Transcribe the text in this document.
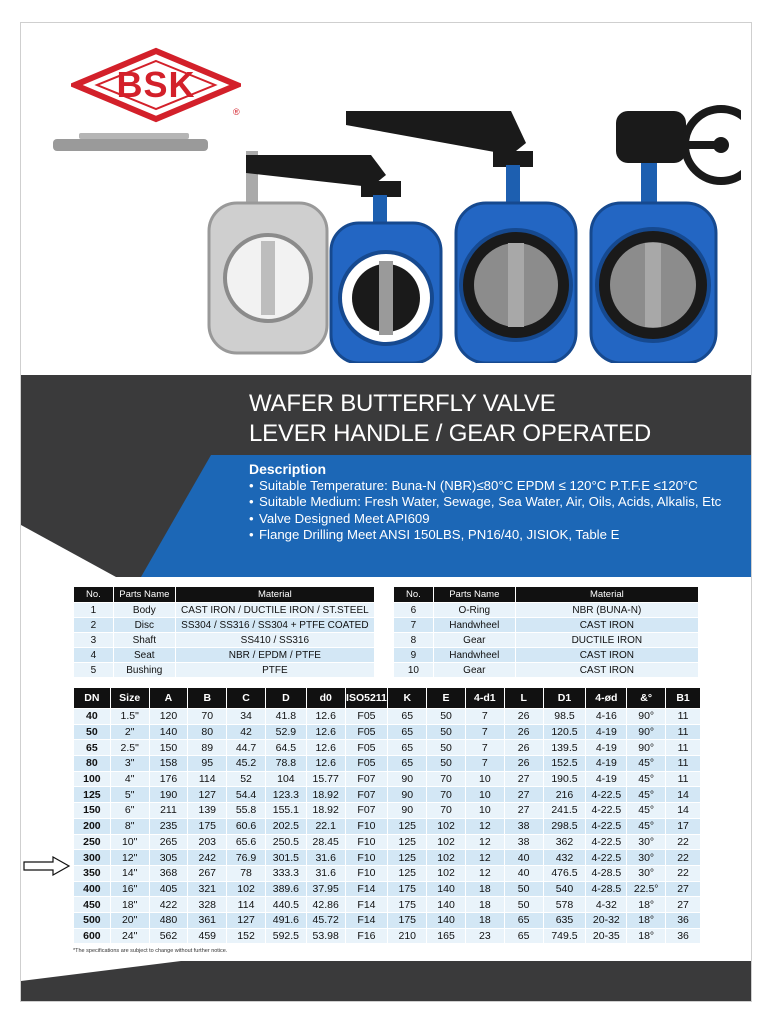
BSK
®
WAFER BUTTERFLY VALVE
LEVER HANDLE / GEAR OPERATED
Description
• Suitable Temperature: Buna-N (NBR)≤80°C EPDM ≤ 120°C P.T.F.E ≤120°C
• Suitable Medium: Fresh Water, Sewage, Sea Water, Air, Oils, Acids, Alkalis, Etc
• Valve Designed Meet API609
• Flange Drilling Meet ANSI 150LBS, PN16/40, JISIOK, Table E
No.	Parts Name	Material
1	Body	CAST IRON / DUCTILE IRON / ST.STEEL
2	Disc	SS304 / SS316 / SS304 + PTFE COATED
3	Shaft	SS410 / SS316
4	Seat	NBR / EPDM / PTFE
5	Bushing	PTFE
No.	Parts Name	Material
6	O-Ring	NBR (BUNA-N)
7	Handwheel	CAST IRON
8	Gear	DUCTILE IRON
9	Handwheel	CAST IRON
10	Gear	CAST IRON
DN	Size	A	B	C	D	d0	ISO5211	K	E	4-d1	L	D1	4-ød	&°	B1
40	1.5"	120	70	34	41.8	12.6	F05	65	50	7	26	98.5	4-16	90°	11
50	2"	140	80	42	52.9	12.6	F05	65	50	7	26	120.5	4-19	90°	11
65	2.5"	150	89	44.7	64.5	12.6	F05	65	50	7	26	139.5	4-19	90°	11
80	3"	158	95	45.2	78.8	12.6	F05	65	50	7	26	152.5	4-19	45°	11
100	4"	176	114	52	104	15.77	F07	90	70	10	27	190.5	4-19	45°	11
125	5"	190	127	54.4	123.3	18.92	F07	90	70	10	27	216	4-22.5	45°	14
150	6"	211	139	55.8	155.1	18.92	F07	90	70	10	27	241.5	4-22.5	45°	14
200	8"	235	175	60.6	202.5	22.1	F10	125	102	12	38	298.5	4-22.5	45°	17
250	10"	265	203	65.6	250.5	28.45	F10	125	102	12	38	362	4-22.5	30°	22
300	12"	305	242	76.9	301.5	31.6	F10	125	102	12	40	432	4-22.5	30°	22
350	14"	368	267	78	333.3	31.6	F10	125	102	12	40	476.5	4-28.5	30°	22
400	16"	405	321	102	389.6	37.95	F14	175	140	18	50	540	4-28.5	22.5°	27
450	18"	422	328	114	440.5	42.86	F14	175	140	18	50	578	4-32	18°	27
500	20"	480	361	127	491.6	45.72	F14	175	140	18	65	635	20-32	18°	36
600	24"	562	459	152	592.5	53.98	F16	210	165	23	65	749.5	20-35	18°	36
*The specifications are subject to change without further notice.
